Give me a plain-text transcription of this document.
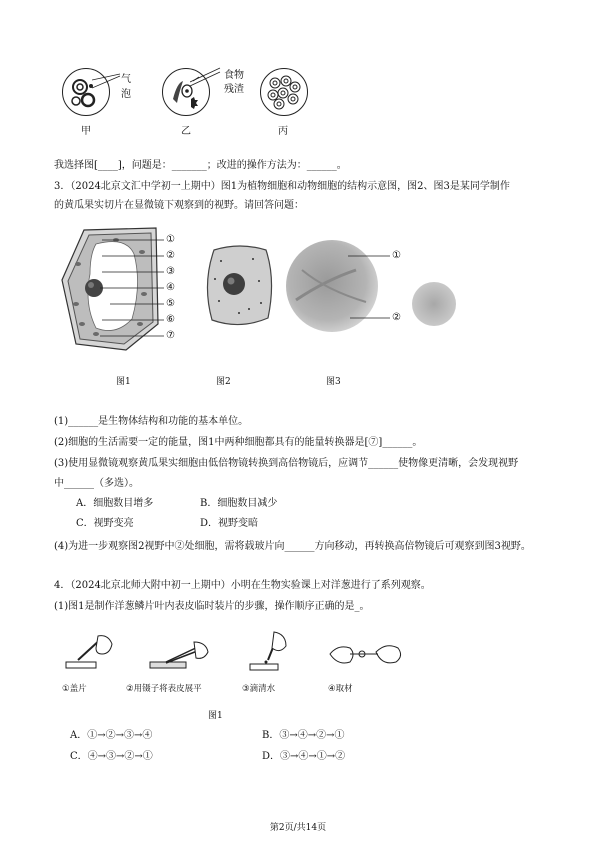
气
泡
甲
食物
残渣
乙	丙
我选择图[____]，问题是：_______；改进的操作方法为：______。
3．（2024北京文汇中学初一上期中）图1为植物细胞和动物细胞的结构示意图，图2、图3是某同学制作
的黄瓜果实切片在显微镜下观察到的视野。请回答问题：
①
②
③
④
⑤
⑥
⑦
①
②
图1	图2	图3
(1)______是生物体结构和功能的基本单位。
(2)细胞的生活需要一定的能量，图1中两种细胞都具有的能量转换器是[⑦]______。
(3)使用显微镜观察黄瓜果实细胞由低倍物镜转换到高倍物镜后，应调节______使物像更清晰，会发现视野
中______（多选）。
A．细胞数目增多	B．细胞数目减少
C．视野变亮	D．视野变暗
(4)为进一步观察图2视野中②处细胞，需将载玻片向______方向移动，再转换高倍物镜后可观察到图3视野。
4．（2024北京北师大附中初一上期中）小明在生物实验课上对洋葱进行了系列观察。
(1)图1是制作洋葱鳞片叶内表皮临时装片的步骤，操作顺序正确的是_。
①盖片	②用镊子将表皮展平	③滴清水	④取材
图1
A．①→②→③→④	B．③→④→②→①
C．④→③→②→①	D．③→④→①→②
第2页/共14页
